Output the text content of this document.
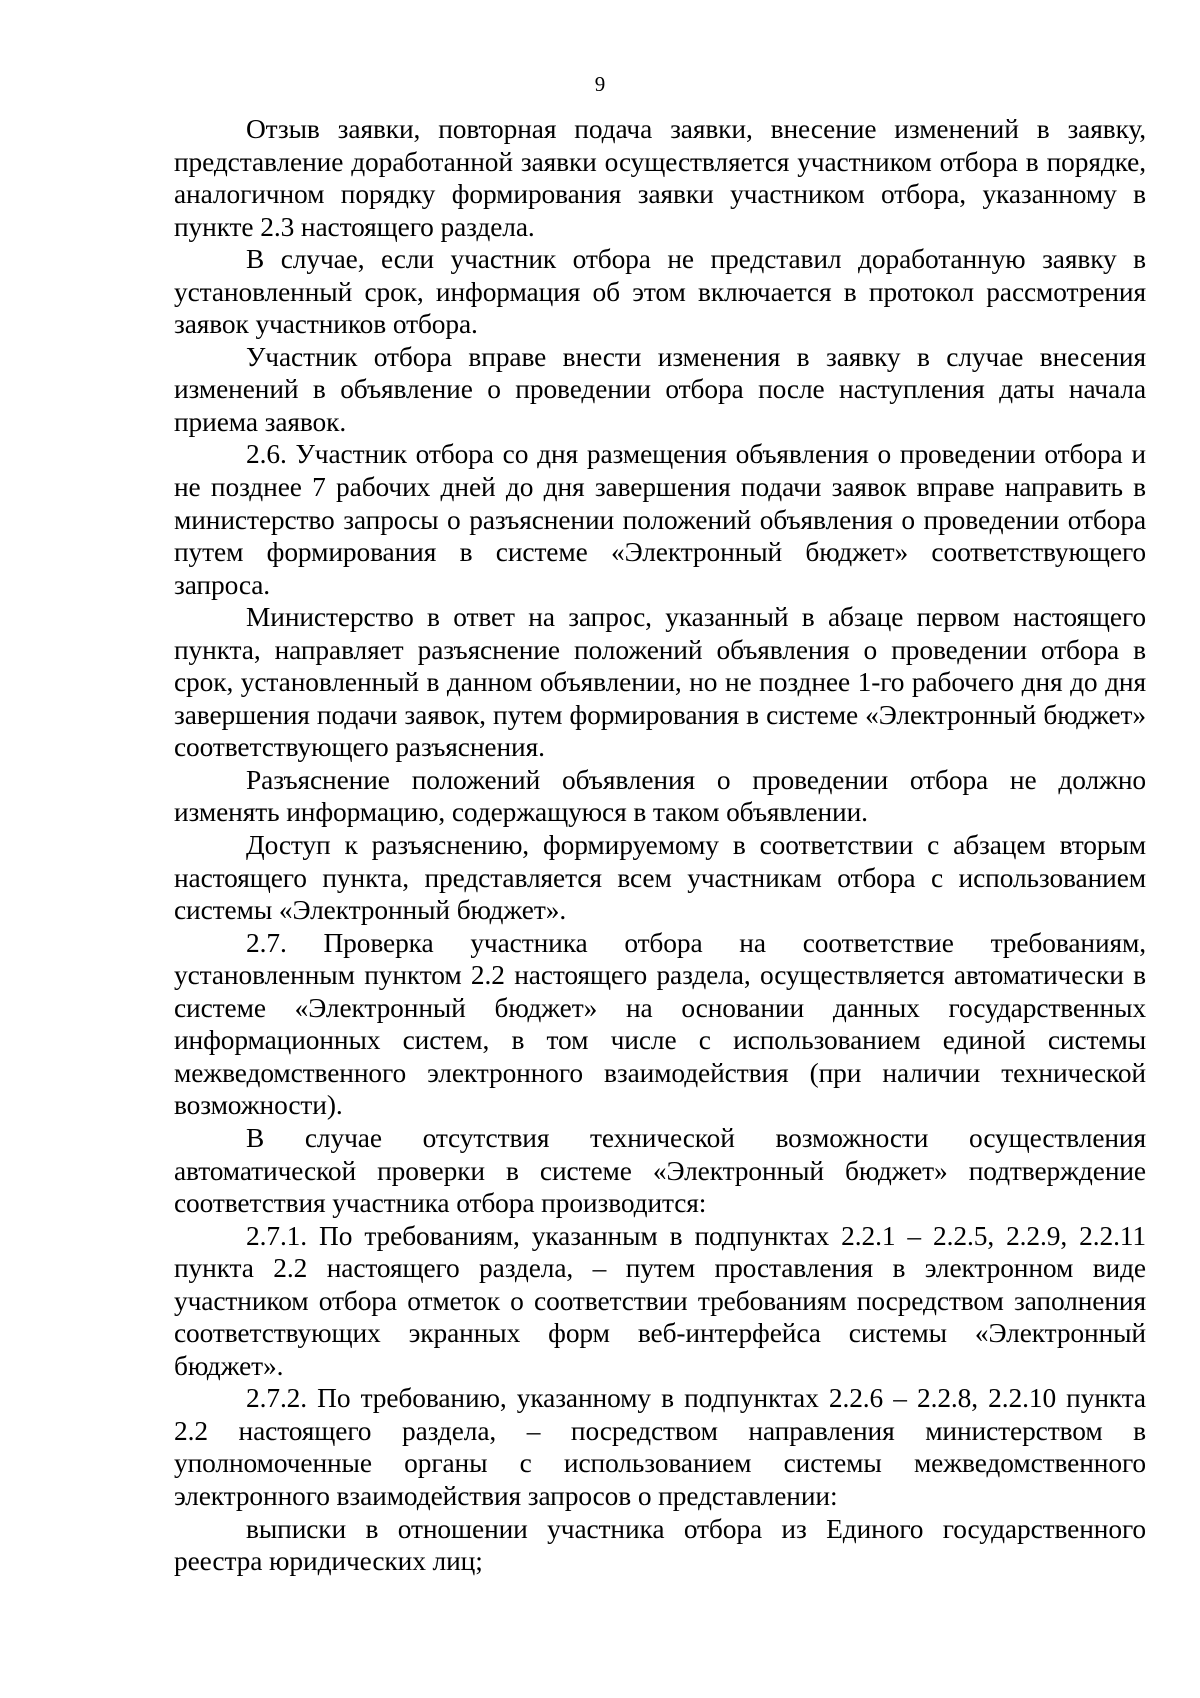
9

Отзыв заявки, повторная подача заявки, внесение изменений в заявку, представление доработанной заявки осуществляется участником отбора в порядке, аналогичном порядку формирования заявки участником отбора, указанному в пункте 2.3 настоящего раздела.

В случае, если участник отбора не представил доработанную заявку в установленный срок, информация об этом включается в протокол рассмотрения заявок участников отбора.

Участник отбора вправе внести изменения в заявку в случае внесения изменений в объявление о проведении отбора после наступления даты начала приема заявок.

2.6. Участник отбора со дня размещения объявления о проведении отбора и не позднее 7 рабочих дней до дня завершения подачи заявок вправе направить в министерство запросы о разъяснении положений объявления о проведении отбора путем формирования в системе «Электронный бюджет» соответствующего запроса.

Министерство в ответ на запрос, указанный в абзаце первом настоящего пункта, направляет разъяснение положений объявления о проведении отбора в срок, установленный в данном объявлении, но не позднее 1-го рабочего дня до дня завершения подачи заявок, путем формирования в системе «Электронный бюджет» соответствующего разъяснения.

Разъяснение положений объявления о проведении отбора не должно изменять информацию, содержащуюся в таком объявлении.

Доступ к разъяснению, формируемому в соответствии с абзацем вторым настоящего пункта, представляется всем участникам отбора с использованием системы «Электронный бюджет».

2.7. Проверка участника отбора на соответствие требованиям, установленным пунктом 2.2 настоящего раздела, осуществляется автоматически в системе «Электронный бюджет» на основании данных государственных информационных систем, в том числе с использованием единой системы межведомственного электронного взаимодействия (при наличии технической возможности).

В случае отсутствия технической возможности осуществления автоматической проверки в системе «Электронный бюджет» подтверждение соответствия участника отбора производится:

2.7.1. По требованиям, указанным в подпунктах 2.2.1 – 2.2.5, 2.2.9, 2.2.11 пункта 2.2 настоящего раздела, – путем проставления в электронном виде участником отбора отметок о соответствии требованиям посредством заполнения соответствующих экранных форм веб-интерфейса системы «Электронный бюджет».

2.7.2. По требованию, указанному в подпунктах 2.2.6 – 2.2.8, 2.2.10 пункта 2.2 настоящего раздела, – посредством направления министерством в уполномоченные органы с использованием системы межведомственного электронного взаимодействия запросов о представлении:

выписки в отношении участника отбора из Единого государственного реестра юридических лиц;
